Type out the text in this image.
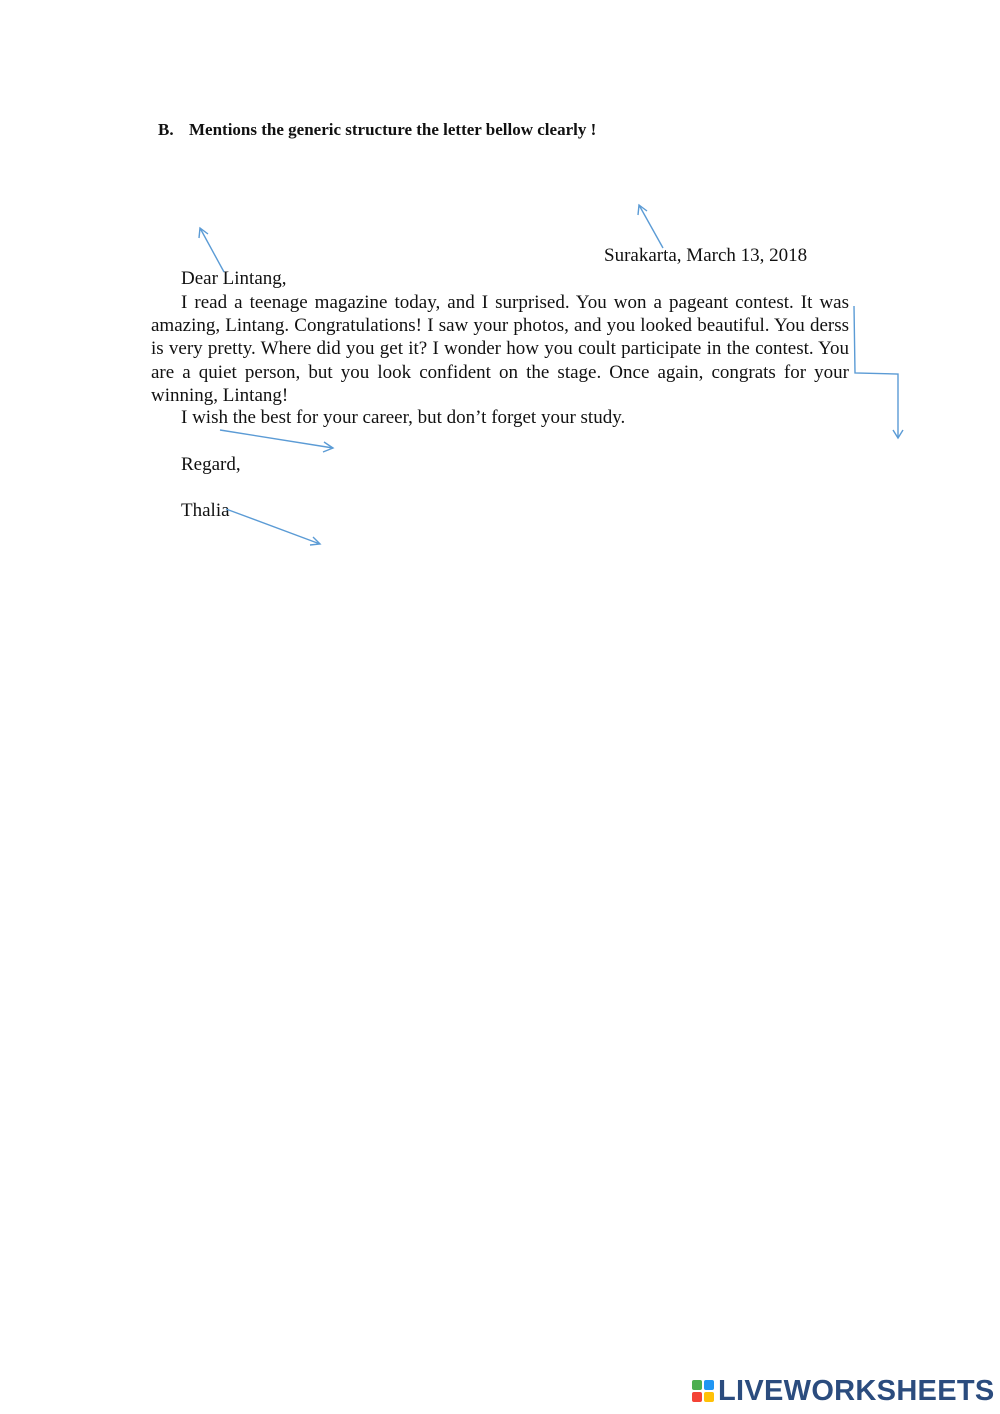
B. Mentions the generic structure the letter bellow clearly !
Surakarta, March 13, 2018
Dear Lintang,

I read a teenage magazine today, and I surprised. You won a pageant contest. It was amazing, Lintang. Congratulations! I saw your photos, and you looked beautiful. You derss is very pretty. Where did you get it? I wonder how you coult participate in the contest. You are a quiet person, but you look confident on the stage. Once again, congrats for your winning, Lintang!

I wish the best for your career, but don’t forget your study.

Regard,
Thalia
LIVEWORKSHEETS
